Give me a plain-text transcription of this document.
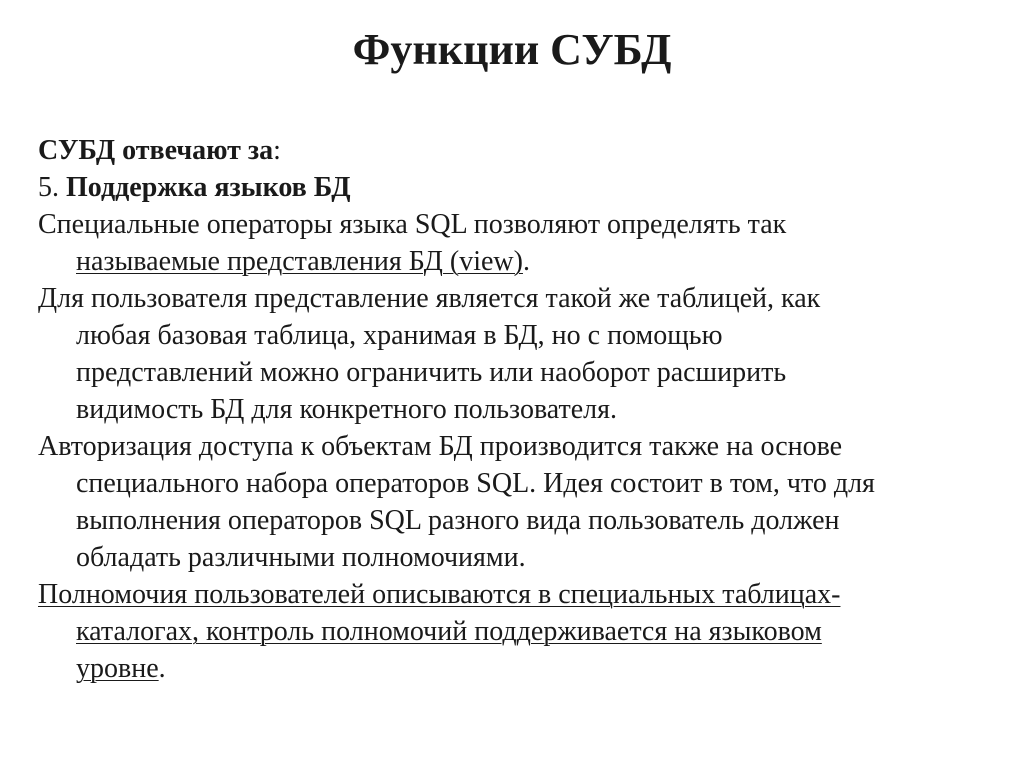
Функции СУБД
СУБД отвечают за:
5. Поддержка языков БД
Специальные операторы языка SQL позволяют определять так
называемые представления БД (view).
Для пользователя представление является такой же таблицей, как
любая базовая таблица, хранимая в БД, но с помощью
представлений можно ограничить или наоборот расширить
видимость БД для конкретного пользователя.
Авторизация доступа к объектам БД производится также на основе
специального набора операторов SQL. Идея состоит в том, что для
выполнения операторов SQL разного вида пользователь должен
обладать различными полномочиями.
Полномочия пользователей описываются в специальных таблицах-
каталогах, контроль полномочий поддерживается на языковом
уровне.
